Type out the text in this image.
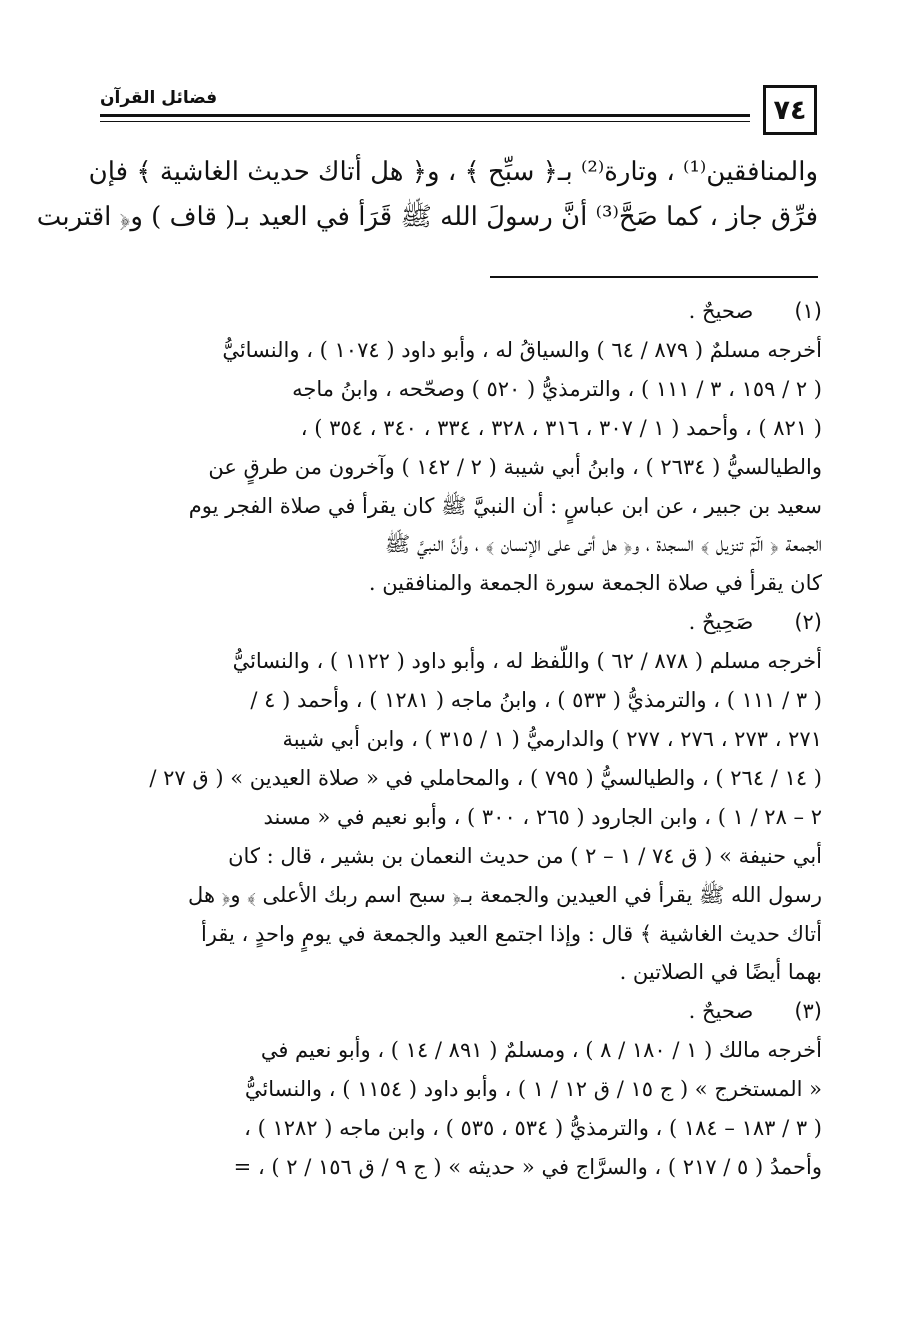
٧٤
فضائل القرآن
والمنافقين⁽¹⁾ ، وتارة⁽²⁾ بـ﴿ سبِّح ﴾ ، و﴿ هل أتاك حديث الغاشية ﴾ فإن
فرِّق جاز ، كما صَحَّ⁽³⁾ أنَّ رسولَ الله ﷺ قَرَأ في العيد بـ( قاف ) و﴿ اقتربت
(١) صحيحٌ .
أخرجه مسلمٌ ( ٨٧٩ / ٦٤ ) والسياقُ له ، وأبو داود ( ١٠٧٤ ) ، والنسائيُّ
( ٢ / ١٥٩ ، ٣ / ١١١ ) ، والترمذيُّ ( ٥٢٠ ) وصحّحه ، وابنُ ماجه
( ٨٢١ ) ، وأحمد ( ١ / ٣٠٧ ، ٣١٦ ، ٣٢٨ ، ٣٣٤ ، ٣٤٠ ، ٣٥٤ ) ،
والطيالسيُّ ( ٢٦٣٤ ) ، وابنُ أبي شيبة ( ٢ / ١٤٢ ) وآخرون من طرقٍ عن
سعيد بن جبير ، عن ابن عباسٍ : أن النبيَّ ﷺ كان يقرأ في صلاة الفجر يوم
الجمعة ﴿ الٓمٓ تنزيل ﴾ السجدة ، و﴿ هل أتى على الإنسان ﴾ ، وأنَّ النبيَّ ﷺ
كان يقرأ في صلاة الجمعة سورة الجمعة والمنافقين .
(٢) صَحِيحٌ .
أخرجه مسلم ( ٨٧٨ / ٦٢ ) واللّفظ له ، وأبو داود ( ١١٢٢ ) ، والنسائيُّ
( ٣ / ١١١ ) ، والترمذيُّ ( ٥٣٣ ) ، وابنُ ماجه ( ١٢٨١ ) ، وأحمد ( ٤ /
٢٧١ ، ٢٧٣ ، ٢٧٦ ، ٢٧٧ ) والدارميُّ ( ١ / ٣١٥ ) ، وابن أبي شيبة
( ١٤ / ٢٦٤ ) ، والطيالسيُّ ( ٧٩٥ ) ، والمحاملي في « صلاة العيدين » ( ق ٢٧ /
٢ – ٢٨ / ١ ) ، وابن الجارود ( ٢٦٥ ، ٣٠٠ ) ، وأبو نعيم في « مسند
أبي حنيفة » ( ق ٧٤ / ١ – ٢ ) من حديث النعمان بن بشير ، قال : كان
رسول الله ﷺ يقرأ في العيدين والجمعة بـ﴿ سبح اسم ربك الأعلى ﴾ و﴿ هل
أتاك حديث الغاشية ﴾ قال : وإذا اجتمع العيد والجمعة في يومٍ واحدٍ ، يقرأ
بهما أيضًا في الصلاتين .
(٣) صحيحٌ .
أخرجه مالك ( ١ / ١٨٠ / ٨ ) ، ومسلمٌ ( ٨٩١ / ١٤ ) ، وأبو نعيم في
« المستخرج » ( ج ١٥ / ق ١٢ / ١ ) ، وأبو داود ( ١١٥٤ ) ، والنسائيُّ
( ٣ / ١٨٣ – ١٨٤ ) ، والترمذيُّ ( ٥٣٤ ، ٥٣٥ ) ، وابن ماجه ( ١٢٨٢ ) ،
وأحمدُ ( ٥ / ٢١٧ ) ، والسرَّاج في « حديثه » ( ج ٩ / ق ١٥٦ / ٢ ) ، =
